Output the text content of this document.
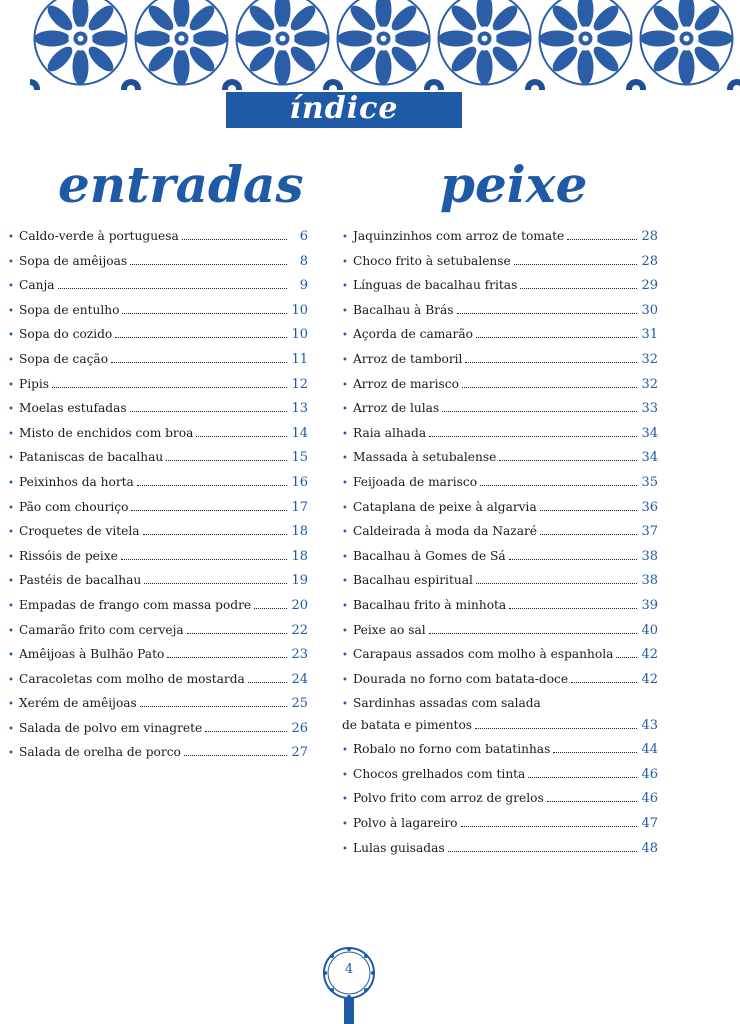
índice
entradas	peixe
• Caldo-verde à portuguesa	6
• Sopa de amêijoas	8
• Canja	9
• Sopa de entulho	10
• Sopa do cozido	10
• Sopa de cação	11
• Pipis	12
• Moelas estufadas	13
• Misto de enchidos com broa	14
• Pataniscas de bacalhau	15
• Peixinhos da horta	16
• Pão com chouriço	17
• Croquetes de vitela	18
• Rissóis de peixe	18
• Pastéis de bacalhau	19
• Empadas de frango com massa podre	20
• Camarão frito com cerveja	22
• Amêijoas à Bulhão Pato	23
• Caracoletas com molho de mostarda	24
• Xerém de amêijoas	25
• Salada de polvo em vinagrete	26
• Salada de orelha de porco	27
• Jaquinzinhos com arroz de tomate	28
• Choco frito à setubalense	28
• Línguas de bacalhau fritas	29
• Bacalhau à Brás	30
• Açorda de camarão	31
• Arroz de tamboril	32
• Arroz de marisco	32
• Arroz de lulas	33
• Raia alhada	34
• Massada à setubalense	34
• Feijoada de marisco	35
• Cataplana de peixe à algarvia	36
• Caldeirada à moda da Nazaré	37
• Bacalhau à Gomes de Sá	38
• Bacalhau espiritual	38
• Bacalhau frito à minhota	39
• Peixe ao sal	40
• Carapaus assados com molho à espanhola 42
• Dourada no forno com batata-doce	42
• Sardinhas assadas com salada
de batata e pimentos	43
• Robalo no forno com batatinhas	44
• Chocos grelhados com tinta	46
• Polvo frito com arroz de grelos	46
• Polvo à lagareiro	47
• Lulas guisadas	48
4
